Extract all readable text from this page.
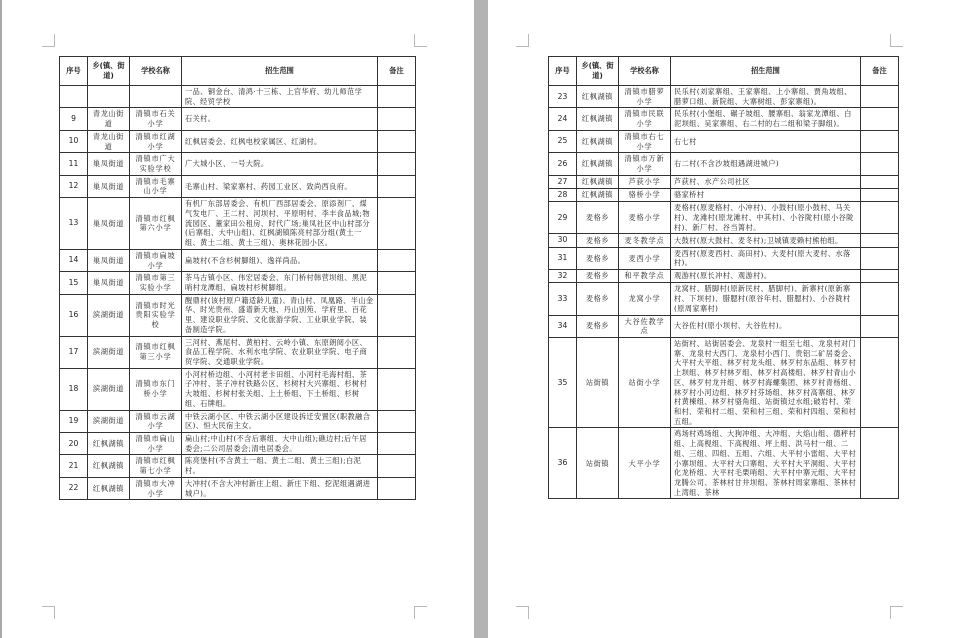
序号	乡(镇、街道)	学校名称	招生范围	备注
			一品、铜金台、清鸿·十三栋、上官华府、幼儿师范学院、经贸学校	
9	青龙山街道	清镇市石关小学	石关村。	
10	青龙山街道	清镇市红湖小学	红枫居委会、红枫电校家属区、红湖村。	
11	巢凤街道	清镇市广大实验学校	广大城小区、一号大院。	
12	巢凤街道	清镇市毛寨山小学	毛寨山村、梁家寨村、药园工业区、致尚西良府。	
13	巢凤街道	清镇市红枫第六小学	有机厂东部居委会、有机厂西部居委会、原添剂厂、煤气发电厂、王二村、河坝村、平原明村、李丰食品城;物流园区、董家田公租房、时代广场;巢凤社区中山村部分(后寨组、大中山组)、红枫湖镇陈亮村部分组(黄土一组、黄土二组、黄土三组)、奥林花园小区。	
14	巢凤街道	清镇市扁坡小学	扁坡村(不含杉树脚组)、逸祥尚品。	
15	巢凤街道	清镇市第三实验小学	茶马古镇小区、伟宏居委会、东门桥村韩营坝组、黑泥哨村龙潭组、扁坡村杉树脚组。	
16	滨湖街道	清镇市时光贵阳实验学校	醒鼎村(该村原户籍适龄儿童)、青山村、凤凰路、半山金华、时光贵州、盛谱新天地、丹山别苑、学府里、百花里、建设职业学院、文化旅游学院、工业职业学院、装备制造学院。	
17	滨湖街道	清镇市红枫第三小学	三河村、燕尾村、黄柏村、云岭小镇、东原朗阅小区、食品工程学院、水利水电学院、农业职业学院、电子商贸学院、交通职业学院。	
18	滨湖街道	清镇市东门桥小学	小河村桥边组、小河村老卡田组、小河村毛海村组、茶子冲村、茶子冲村铁路公区、杉树村大兴寨组、杉树村大坡组、杉树村张关组、上土桥组、下土桥组、杉树组、石牌组。	
19	滨湖街道	清镇市云湖小学	中铁云湖小区、中铁云湖小区建设拆迁安置区(职教融合区)、恒大民宿主女。	
20	红枫湖镇	清镇市扁山小学	扁山村;中山村(不含后寨组、大中山组);礁边村;后午居委会;二公司居委会;清电居委会。	
21	红枫湖镇	清镇市红枫第七小学	陈亮堡村(不含黄土一组、黄土二组、黄土三组);白泥村。	
22	红枫湖镇	清镇市大冲小学	大冲村(不含大冲村新庄上组、新庄下组、挖泥组遇湖进城户)。	
序号	乡(镇、街道)	学校名称	招生范围	备注
23	红枫湖镇	清镇市腊萝小学	民乐村(刘家寨组、王家寨组、上小寨组、贾角坡组、腊萝口组、新院组、大寨树组、彭家寨组)。	
24	红枫湖镇	清镇市民联小学	民乐村(小堡组、碾子坡组、腰寨组、翁家龙潭组、白泥坝组、吴家寨组、右二村的右二组和梁子脚组)。	
25	红枫湖镇	清镇市右七小学	右七村	
26	红枫湖镇	清镇市万新小学	右二村(不含沙坡组遇湖进城户)	
27	红枫湖镇	芦荻小学	芦荻村、水产公司社区	
28	红枫湖镇	骆桥小学	骆家桥村	
29	麦格乡	麦格小学	麦格村(原麦格村、小冲村)、小鼓村(原小鼓村、马关村)、龙滩村(原龙滩村、中其村)、小谷陇村(原小谷陇村)、新厂村、谷当箐村。	
30	麦格乡	麦冬教学点	大鼓村(原大鼓村、麦冬村);卫城镇麦赖村熊柏组。	
31	麦格乡	麦西小学	麦西村(原麦西村、高田村)、大麦村(原大麦村、水落村)。	
32	麦格乡	和平教学点	观游村(原长冲村、观游村)。	
33	麦格乡	龙窝小学	龙窝村、腊脚村(原新民村、腊脚村)、新寨村(原新寨村、下坝村)、腊腮村(原谷年村、腊腮村)、小谷陇村(原周家寨村)	
34	麦格乡	大谷佐教学点	大谷佐村(原小坝村、大谷佐村)。	
35	站街镇	站街小学	站街村、站街居委会、龙泉村一组至七组、龙泉村对门寨、龙泉村大西门、龙泉村小西门、贵铝二矿居委会、大平村大平组、林歹村龙头组、林歹村东品组、林歹村上坝组、林歹村林歹组、林歹村高楼组、林歹村青山小区、林歹村龙井组、林歹村海螺集团、林歹村青杨组、林歹村小河边组、林歹村芬场组、林歹村高寨组、林歹村黄楝组、林歹村骆角组、站街镇过水组;破岩村、荣和村、荣和村二组、荣和村三组、荣和村四组、荣和村五组。	
36	站街镇	大平小学	鸡场村鸡场组、大狗冲组、大冲组、大焰山组、德秤村组、上高枧组、下高枧组、坪上组、洪马村一组、二组、三组、四组、五组、六组、大平村小雷组、大平村小寨坝组、大平村大口寨组、大平村大平洞组、大平村化龙桥组、大平村毛栗哨组、大平村中寨元组、大平村龙腾公司、茶林村甘井坝组、茶林村周家寨组、茶林村上湾组、茶林	
